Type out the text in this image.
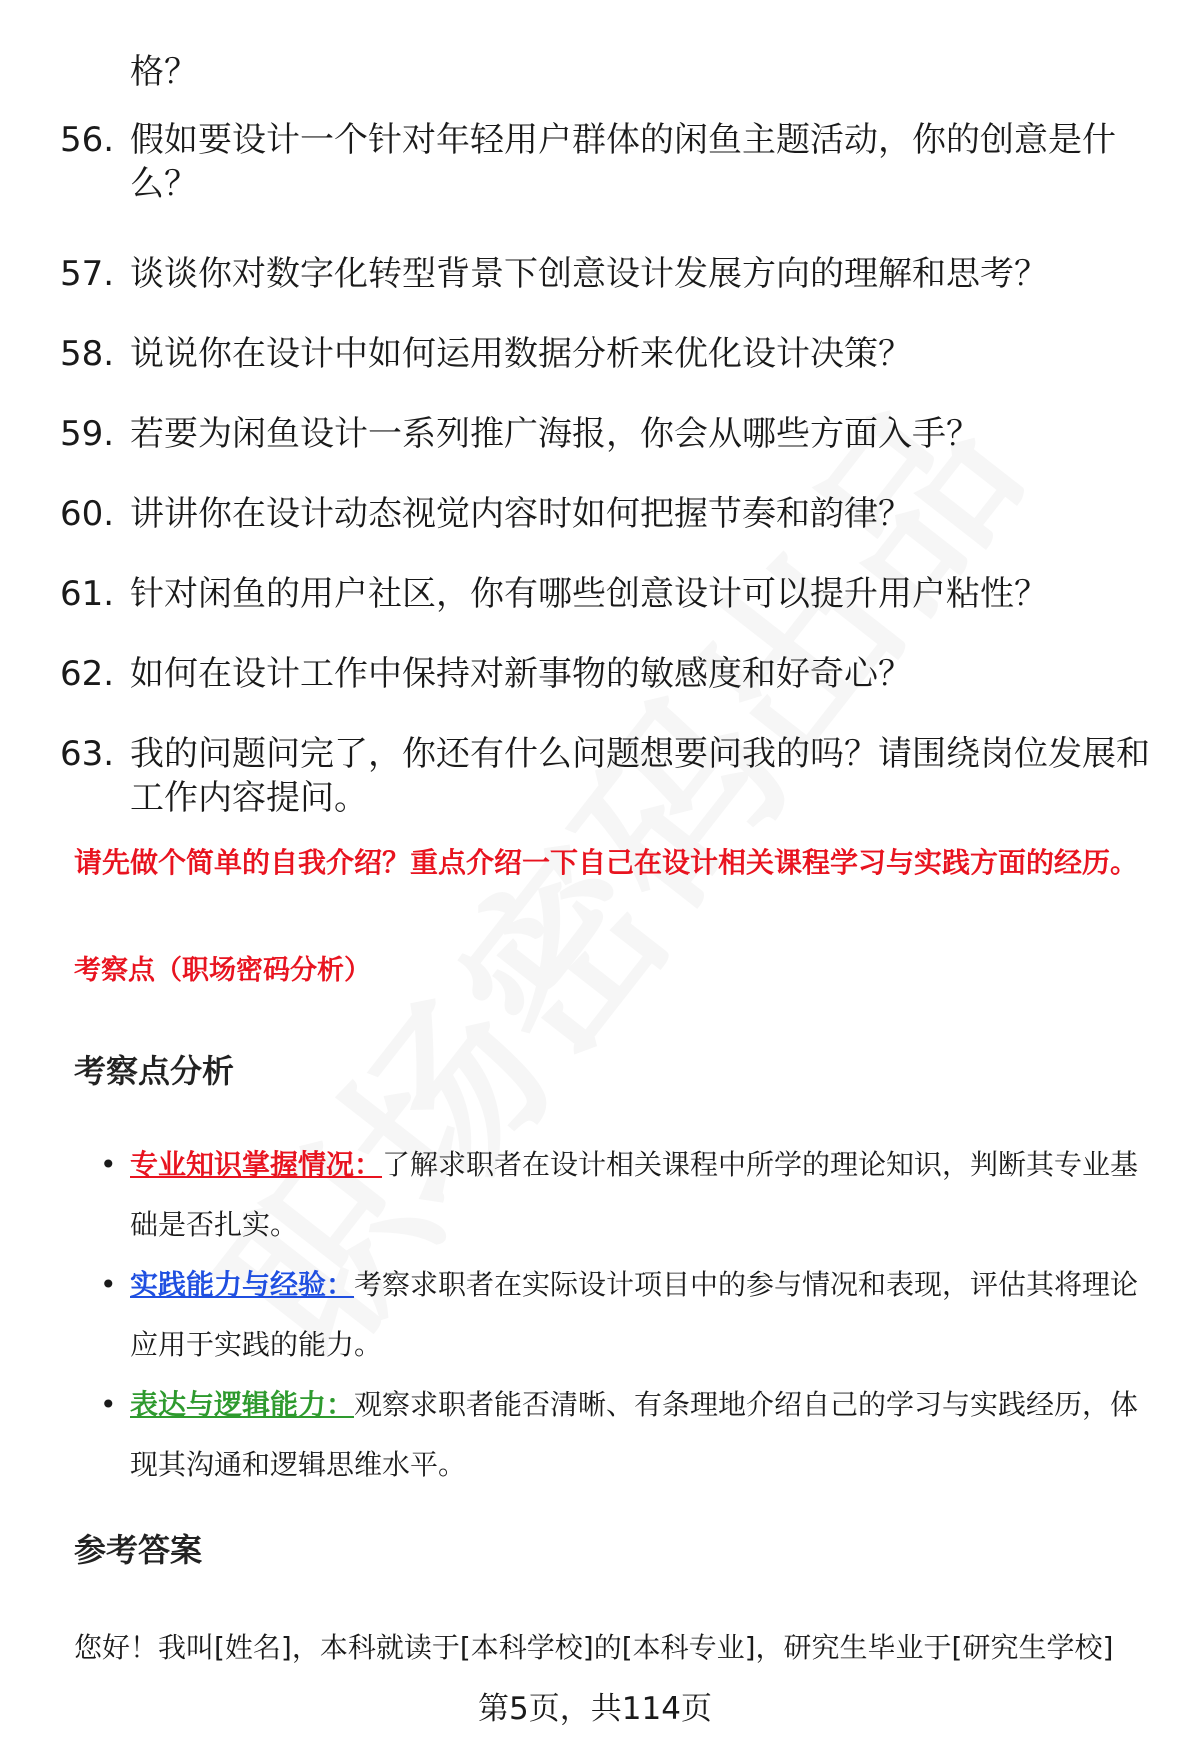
格？
56. 假如要设计一个针对年轻用户群体的闲鱼主题活动，你的创意是什么？
57. 谈谈你对数字化转型背景下创意设计发展方向的理解和思考？
58. 说说你在设计中如何运用数据分析来优化设计决策？
59. 若要为闲鱼设计一系列推广海报，你会从哪些方面入手？
60. 讲讲你在设计动态视觉内容时如何把握节奏和韵律？
61. 针对闲鱼的用户社区，你有哪些创意设计可以提升用户粘性？
62. 如何在设计工作中保持对新事物的敏感度和好奇心？
63. 我的问题问完了，你还有什么问题想要问我的吗？请围绕岗位发展和工作内容提问。
请先做个简单的自我介绍？重点介绍一下自己在设计相关课程学习与实践方面的经历。
考察点（职场密码分析）
考察点分析
• 专业知识掌握情况：了解求职者在设计相关课程中所学的理论知识，判断其专业基础是否扎实。
• 实践能力与经验：考察求职者在实际设计项目中的参与情况和表现，评估其将理论应用于实践的能力。
• 表达与逻辑能力：观察求职者能否清晰、有条理地介绍自己的学习与实践经历，体现其沟通和逻辑思维水平。
参考答案
您好！我叫[姓名]，本科就读于[本科学校]的[本科专业]，研究生毕业于[研究生学校]
第5页，共114页
